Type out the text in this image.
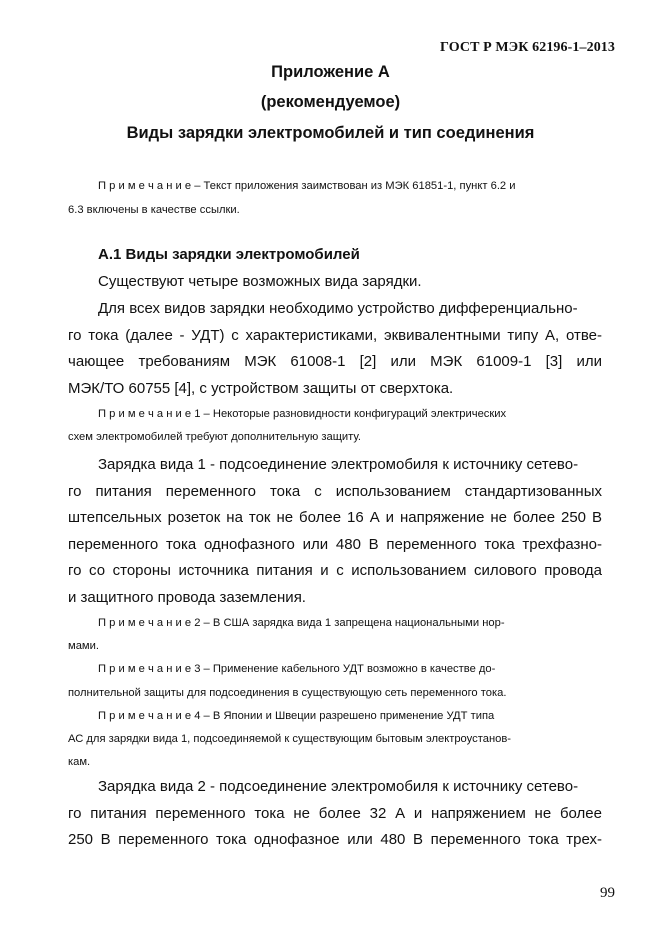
ГОСТ Р МЭК 62196-1–2013
Приложение А
(рекомендуемое)
Виды зарядки электромобилей и тип соединения
П р и м е ч а н и е – Текст приложения заимствован из МЭК 61851-1, пункт 6.2 и
6.3 включены в качестве ссылки.
А.1 Виды зарядки электромобилей
Существуют четыре возможных вида зарядки.
Для всех видов зарядки необходимо устройство дифференциально-
го тока (далее - УДТ) с характеристиками, эквивалентными типу А, отве-
чающее требованиям МЭК 61008-1 [2] или МЭК 61009-1 [3] или
МЭК/ТО 60755 [4], с устройством защиты от сверхтока.
П р и м е ч а н и е 1 – Некоторые разновидности конфигураций электрических
схем электромобилей требуют дополнительную защиту.
Зарядка вида 1 - подсоединение электромобиля к источнику сетево-
го питания переменного тока с использованием стандартизованных
штепсельных розеток на ток не более 16 А и напряжение не более 250 В
переменного тока однофазного или 480 В переменного тока трехфазно-
го со стороны источника питания и с использованием силового провода
и защитного провода заземления.
П р и м е ч а н и е 2 – В США зарядка вида 1 запрещена национальными нор-
мами.
П р и м е ч а н и е 3 – Применение кабельного УДТ возможно в качестве до-
полнительной защиты для подсоединения в существующую сеть переменного тока.
П р и м е ч а н и е 4 – В Японии и Швеции разрешено применение УДТ типа
АС для зарядки вида 1, подсоединяемой к существующим бытовым электроустанов-
кам.
Зарядка вида 2 - подсоединение электромобиля к источнику сетево-
го питания переменного тока не более 32 А и напряжением не более
250 В переменного тока однофазное или 480 В переменного тока трех-
99
